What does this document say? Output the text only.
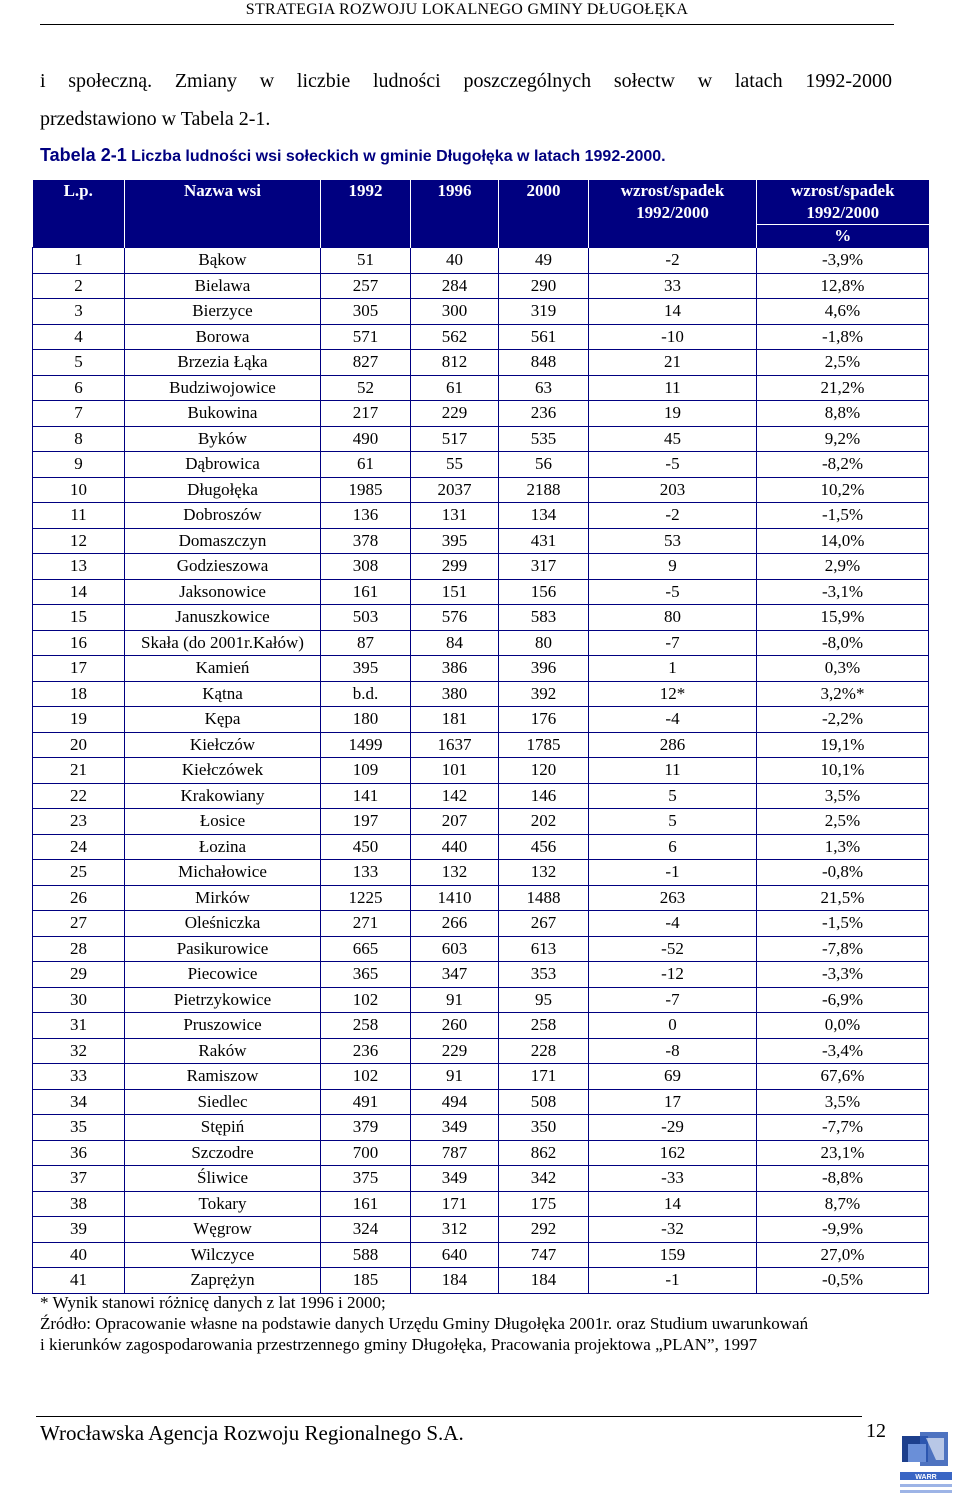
STRATEGIA ROZWOJU LOKALNEGO GMINY DŁUGOŁĘKA
i społeczną. Zmiany w liczbie ludności poszczególnych sołectw w latach 1992-2000
przedstawiono w Tabela 2-1.
Tabela 2-1 Liczba ludności wsi sołeckich w gminie Długołęka w latach 1992-2000.
L.p.	Nazwa wsi	1992	1996	2000	wzrost/spadek 1992/2000	wzrost/spadek 1992/2000
%

1	Bąkow	51	40	49	-2	-3,9%
2	Bielawa	257	284	290	33	12,8%
3	Bierzyce	305	300	319	14	4,6%
4	Borowa	571	562	561	-10	-1,8%
5	Brzezia Łąka	827	812	848	21	2,5%
6	Budziwojowice	52	61	63	11	21,2%
7	Bukowina	217	229	236	19	8,8%
8	Byków	490	517	535	45	9,2%
9	Dąbrowica	61	55	56	-5	-8,2%
10	Długołęka	1985	2037	2188	203	10,2%
11	Dobroszów	136	131	134	-2	-1,5%
12	Domaszczyn	378	395	431	53	14,0%
13	Godzieszowa	308	299	317	9	2,9%
14	Jaksonowice	161	151	156	-5	-3,1%
15	Januszkowice	503	576	583	80	15,9%
16	Skała (do 2001r.Kałów)	87	84	80	-7	-8,0%
17	Kamień	395	386	396	1	0,3%
18	Kątna	b.d.	380	392	12*	3,2%*
19	Kępa	180	181	176	-4	-2,2%
20	Kiełczów	1499	1637	1785	286	19,1%
21	Kiełczówek	109	101	120	11	10,1%
22	Krakowiany	141	142	146	5	3,5%
23	Łosice	197	207	202	5	2,5%
24	Łozina	450	440	456	6	1,3%
25	Michałowice	133	132	132	-1	-0,8%
26	Mirków	1225	1410	1488	263	21,5%
27	Oleśniczka	271	266	267	-4	-1,5%
28	Pasikurowice	665	603	613	-52	-7,8%
29	Piecowice	365	347	353	-12	-3,3%
30	Pietrzykowice	102	91	95	-7	-6,9%
31	Pruszowice	258	260	258	0	0,0%
32	Raków	236	229	228	-8	-3,4%
33	Ramiszow	102	91	171	69	67,6%
34	Siedlec	491	494	508	17	3,5%
35	Stępiń	379	349	350	-29	-7,7%
36	Szczodre	700	787	862	162	23,1%
37	Śliwice	375	349	342	-33	-8,8%
38	Tokary	161	171	175	14	8,7%
39	Węgrow	324	312	292	-32	-9,9%
40	Wilczyce	588	640	747	159	27,0%
41	Zaprężyn	185	184	184	-1	-0,5%
* Wynik stanowi różnicę danych z lat 1996 i 2000;
Źródło: Opracowanie własne na podstawie danych Urzędu Gminy Długołęka 2001r. oraz Studium uwarunkowań
i kierunków zagospodarowania przestrzennego gminy Długołęka, Pracowania projektowa „PLAN”, 1997
Wrocławska Agencja Rozwoju Regionalnego S.A.	12
WARR
